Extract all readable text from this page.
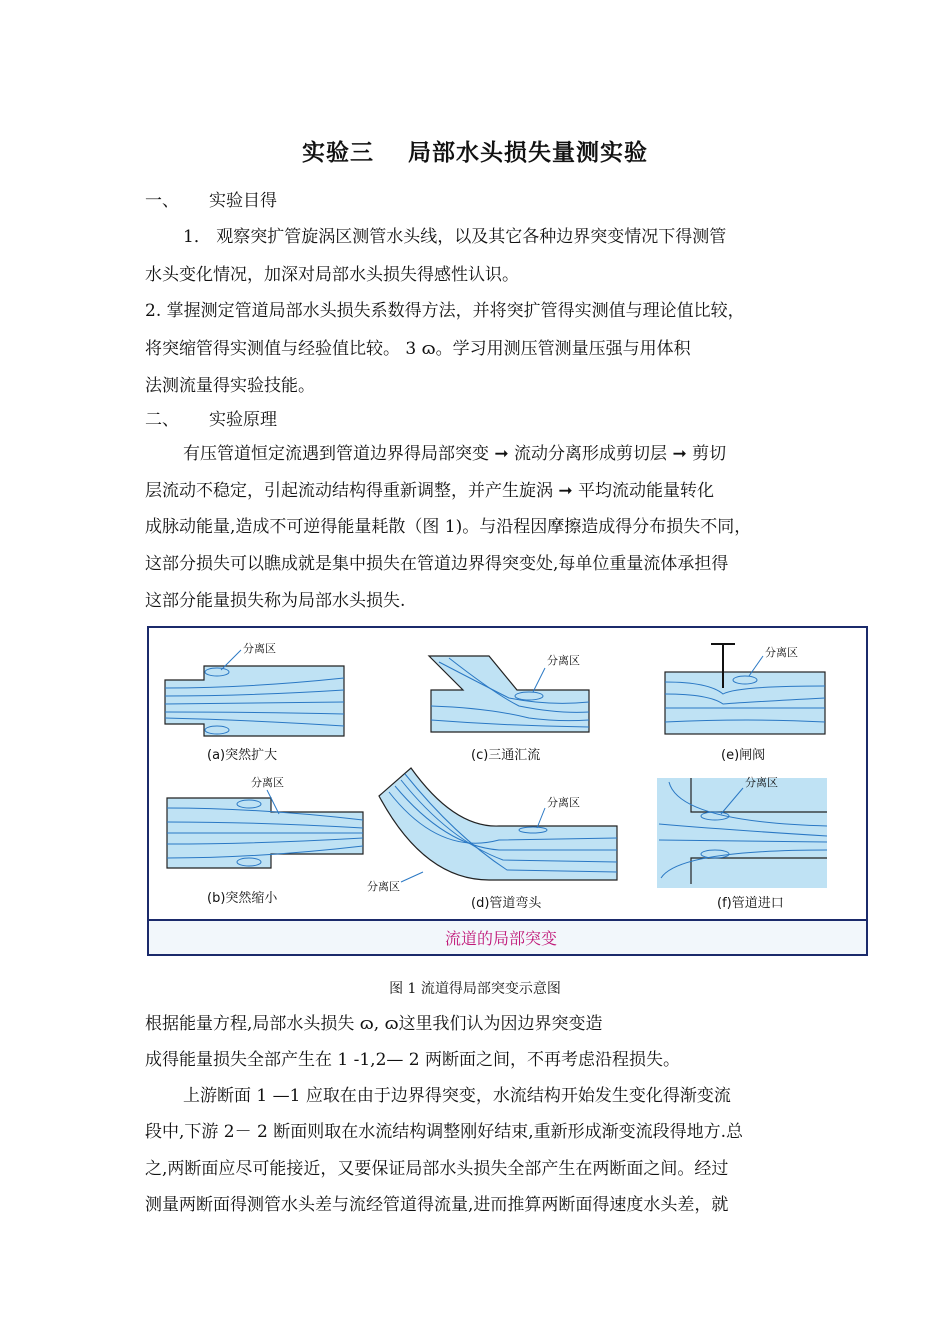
实验三 局部水头损失量测实验
一、 实验目得
1． 观察突扩管旋涡区测管水头线，以及其它各种边界突变情况下得测管
水头变化情况，加深对局部水头损失得感性认识。
2. 掌握测定管道局部水头损失系数得方法，并将突扩管得实测值与理论值比较，
将突缩管得实测值与经验值比较。 3 ɷ。学习用测压管测量压强与用体积
法测流量得实验技能。
二、 实验原理
有压管道恒定流遇到管道边界得局部突变 ➞ 流动分离形成剪切层 ➞ 剪切
层流动不稳定，引起流动结构得重新调整，并产生旋涡 ➞ 平均流动能量转化
成脉动能量,造成不可逆得能量耗散（图 1)。与沿程因摩擦造成得分布损失不同，
这部分损失可以瞧成就是集中损失在管道边界得突变处,每单位重量流体承担得
这部分能量损失称为局部水头损失.
分离区
(a)突然扩大
分离区
(b)突然缩小
分离区
(c)三通汇流
分离区
分离区
(d)管道弯头
分离区
(e)闸阀
分离区
(f)管道进口
流道的局部突变
图 1 流道得局部突变示意图
根据能量方程,局部水头损失 ɷ, ɷ这里我们认为因边界突变造
成得能量损失全部产生在 1 -1,2— 2 两断面之间，不再考虑沿程损失。
上游断面 1 —1 应取在由于边界得突变，水流结构开始发生变化得渐变流
段中,下游 2－ 2 断面则取在水流结构调整刚好结束,重新形成渐变流段得地方.总
之,两断面应尽可能接近，又要保证局部水头损失全部产生在两断面之间。经过
测量两断面得测管水头差与流经管道得流量,进而推算两断面得速度水头差，就
